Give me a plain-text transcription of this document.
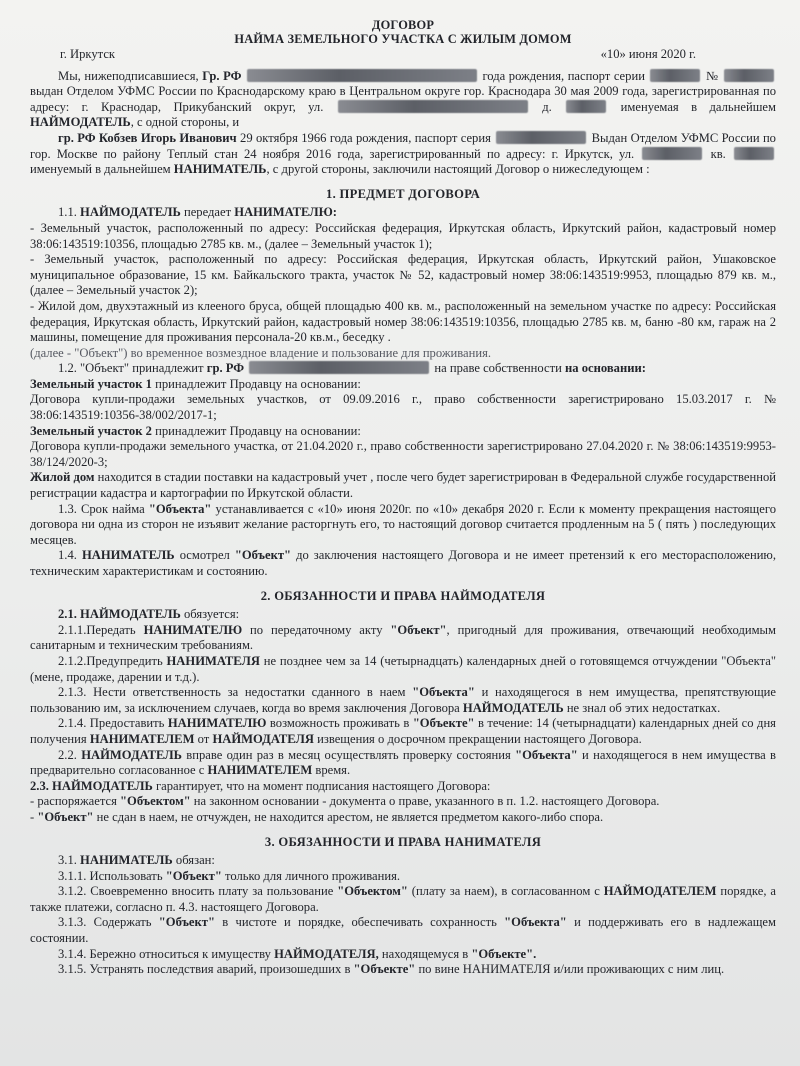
ДОГОВОР
НАЙМА ЗЕМЕЛЬНОГО УЧАСТКА С ЖИЛЫМ ДОМОМ
г. Иркутск	«10» июня 2020 г.

Мы, нижеподписавшиеся, Гр. РФ	года рождения, паспорт серии	№  выдан Отделом УФМС России по Краснодарскому краю в Центральном округе гор. Краснодара 30 мая 2009 года, зарегистрированная по адресу: г. Краснодар, Прикубанский округ, ул.	д.	именуемая в дальнейшем НАЙМОДАТЕЛЬ, с одной стороны, и

гр. РФ Кобзев Игорь Иванович 29 октября 1966 года рождения, паспорт серия	Выдан Отделом УФМС России по гор. Москве по району Теплый стан 24 ноября 2016 года, зарегистрированный по адресу: г. Иркутск, ул.	кв.  именуемый в дальнейшем НАНИМАТЕЛЬ, с другой стороны, заключили настоящий Договор о нижеследующем :

1. ПРЕДМЕТ ДОГОВОРА

1.1. НАЙМОДАТЕЛЬ передает НАНИМАТЕЛЮ:

- Земельный участок, расположенный по адресу: Российская федерация, Иркутская область, Иркутский район, кадастровый номер 38:06:143519:10356, площадью 2785 кв. м., (далее – Земельный участок 1);

- Земельный участок, расположенный по адресу: Российская федерация, Иркутская область, Иркутский район, Ушаковское муниципальное образование, 15 км. Байкальского тракта, участок № 52, кадастровый номер 38:06:143519:9953, площадью 879 кв. м., (далее – Земельный участок 2);

- Жилой дом, двухэтажный из клееного бруса, общей площадью 400 кв. м., расположенный на земельном участке по адресу: Российская федерация, Иркутская область, Иркутский район, кадастровый номер 38:06:143519:10356, площадью 2785 кв. м, баню -80 км, гараж на 2 машины, помещение для проживания персонала-20 кв.м., беседку .

(далее - "Объект") во временное возмездное владение и пользование для проживания.

1.2. "Объект" принадлежит гр. РФ	на праве собственности на основании:

Земельный участок 1 принадлежит Продавцу на основании:

Договора купли-продажи земельных участков, от 09.09.2016 г., право собственности зарегистрировано 15.03.2017 г. № 38:06:143519:10356-38/002/2017-1;

Земельный участок 2 принадлежит Продавцу на основании:

Договора купли-продажи земельного участка, от 21.04.2020 г., право собственности зарегистрировано 27.04.2020 г. № 38:06:143519:9953-38/124/2020-3;

Жилой дом находится в стадии поставки на кадастровый учет , после чего будет зарегистрирован в Федеральной службе государственной регистрации кадастра и картографии по Иркутской области.

1.3. Срок найма "Объекта" устанавливается с «10» июня 2020г. по «10» декабря 2020 г. Если к моменту прекращения настоящего договора ни одна из сторон не изъявит желание расторгнуть его, то настоящий договор считается продленным на 5 ( пять ) последующих месяцев.

1.4. НАНИМАТЕЛЬ осмотрел "Объект" до заключения настоящего Договора и не имеет претензий к его месторасположению, техническим характеристикам и состоянию.

2. ОБЯЗАННОСТИ И ПРАВА НАЙМОДАТЕЛЯ

2.1. НАЙМОДАТЕЛЬ обязуется:

2.1.1.Передать НАНИМАТЕЛЮ по передаточному акту "Объект", пригодный для проживания, отвечающий необходимым санитарным и техническим требованиям.

2.1.2.Предупредить НАНИМАТЕЛЯ не позднее чем за 14 (четырнадцать) календарных дней о готовящемся отчуждении "Объекта"(мене, продаже, дарении и т.д.).

2.1.3. Нести ответственность за недостатки сданного в наем "Объекта" и находящегося в нем имущества, препятствующие пользованию им, за исключением случаев, когда во время заключения Договора НАЙМОДАТЕЛЬ не знал об этих недостатках.

2.1.4. Предоставить НАНИМАТЕЛЮ возможность проживать в "Объекте" в течение: 14 (четырнадцати) календарных дней со дня получения НАНИМАТЕЛЕМ от НАЙМОДАТЕЛЯ извещения о досрочном прекращении настоящего Договора.

2.2. НАЙМОДАТЕЛЬ вправе один раз в месяц осуществлять проверку состояния "Объекта" и находящегося в нем имущества в предварительно согласованное с НАНИМАТЕЛЕМ время.

2.3. НАЙМОДАТЕЛЬ гарантирует, что на момент подписания настоящего Договора:

- распоряжается "Объектом" на законном основании - документа о праве, указанного в п. 1.2. настоящего Договора.

- "Объект" не сдан в наем, не отчужден, не находится арестом, не является предметом какого-либо спора.

3. ОБЯЗАННОСТИ И ПРАВА НАНИМАТЕЛЯ

3.1. НАНИМАТЕЛЬ обязан:

3.1.1. Использовать "Объект" только для личного проживания.

3.1.2. Своевременно вносить плату за пользование "Объектом" (плату за наем), в согласованном с НАЙМОДАТЕЛЕМ порядке, а также платежи, согласно п. 4.3. настоящего Договора.

3.1.3. Содержать "Объект" в чистоте и порядке, обеспечивать сохранность "Объекта" и поддерживать его в надлежащем состоянии.

3.1.4. Бережно относиться к имуществу НАЙМОДАТЕЛЯ, находящемуся в "Объекте".

3.1.5. Устранять последствия аварий, произошедших в "Объекте" по вине НАНИМАТЕЛЯ и/или проживающих с ним лиц.
